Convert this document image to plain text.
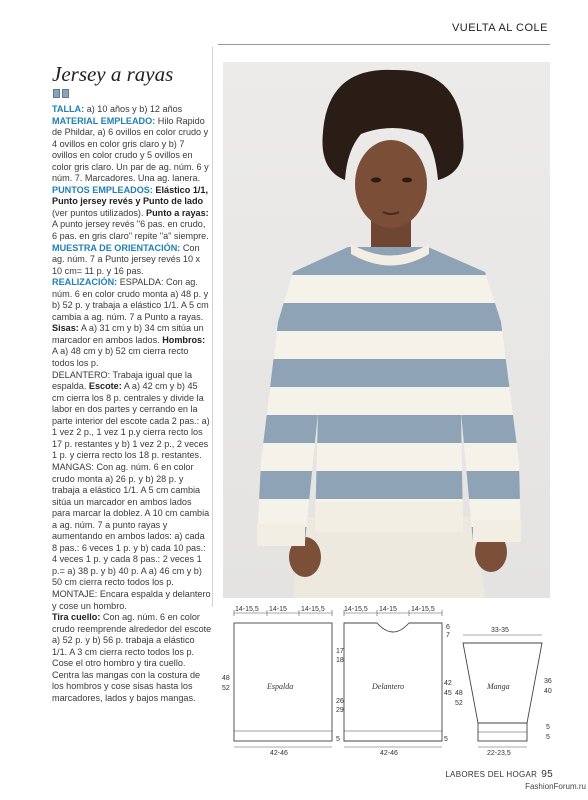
VUELTA AL COLE
Jersey a rayas

TALLA: a) 10 años y b) 12 años

MATERIAL EMPLEADO: Hilo Rapido de Phildar, a) 6 ovillos en color crudo y 4 ovillos en color gris claro y b) 7 ovillos en color crudo y 5 ovillos en color gris claro. Un par de ag. núm. 6 y núm. 7. Marcadores. Una ag. lanera.

PUNTOS EMPLEADOS: Elástico 1/1, Punto jersey revés y Punto de lado (ver puntos utilizados). Punto a rayas: A punto jersey revés "6 pas. en crudo, 6 pas. en gris claro" repite "a" siempre.

MUESTRA DE ORIENTACIÓN: Con ag. núm. 7 a Punto jersey revés 10 x 10 cm= 11 p. y 16 pas.

REALIZACIÓN: ESPALDA: Con ag. núm. 6 en color crudo monta a) 48 p. y b) 52 p. y trabaja a elástico 1/1. A 5 cm cambia a ag. núm. 7 a Punto a rayas. Sisas: A a) 31 cm y b) 34 cm sitúa un marcador en ambos lados. Hombros: A a) 48 cm y b) 52 cm cierra recto todos los p.

DELANTERO: Trabaja igual que la espalda. Escote: A a) 42 cm y b) 45 cm cierra los 8 p. centrales y divide la labor en dos partes y cerrando en la parte interior del escote cada 2 pas.: a) 1 vez 2 p., 1 vez 1 p.y cierra recto los 17 p. restantes y b) 1 vez 2 p., 2 veces 1 p. y cierra recto los 18 p. restantes.

MANGAS: Con ag. núm. 6 en color crudo monta a) 26 p. y b) 28 p. y trabaja a elástico 1/1. A 5 cm cambia sitúa un marcador en ambos lados para marcar la doblez. A 10 cm cambia a ag. núm. 7 a punto rayas y aumentando en ambos lados: a) cada 8 pas.: 6 veces 1 p. y b) cada 10 pas.: 4 veces 1 p. y cada 8 pas.: 2 veces 1 p.= a) 38 p. y b) 40 p. A a) 46 cm y b) 50 cm cierra recto todos los p.

MONTAJE: Encara espalda y delantero y cose un hombro.

Tira cuello: Con ag. núm. 6 en color crudo reemprende alrededor del escote a) 52 p. y b) 56 p. trabaja a elástico 1/1. A 3 cm cierra recto todos los p. Cose el otro hombro y tira cuello. Centra las mangas con la costura de los hombros y cose sisas hasta los marcadores, lados y bajos mangas.

14-15,5 14-15 14-15,5
Espalda
48
52
17
18
26
29
5
42-46
14-15,5 14-15 14-15,5
Delantero
6
7
42
45 48
52
5
42-46
33-35
Manga
36
40
5
5
22-23,5
LABORES DEL HOGAR 95
FashionForum.ru
